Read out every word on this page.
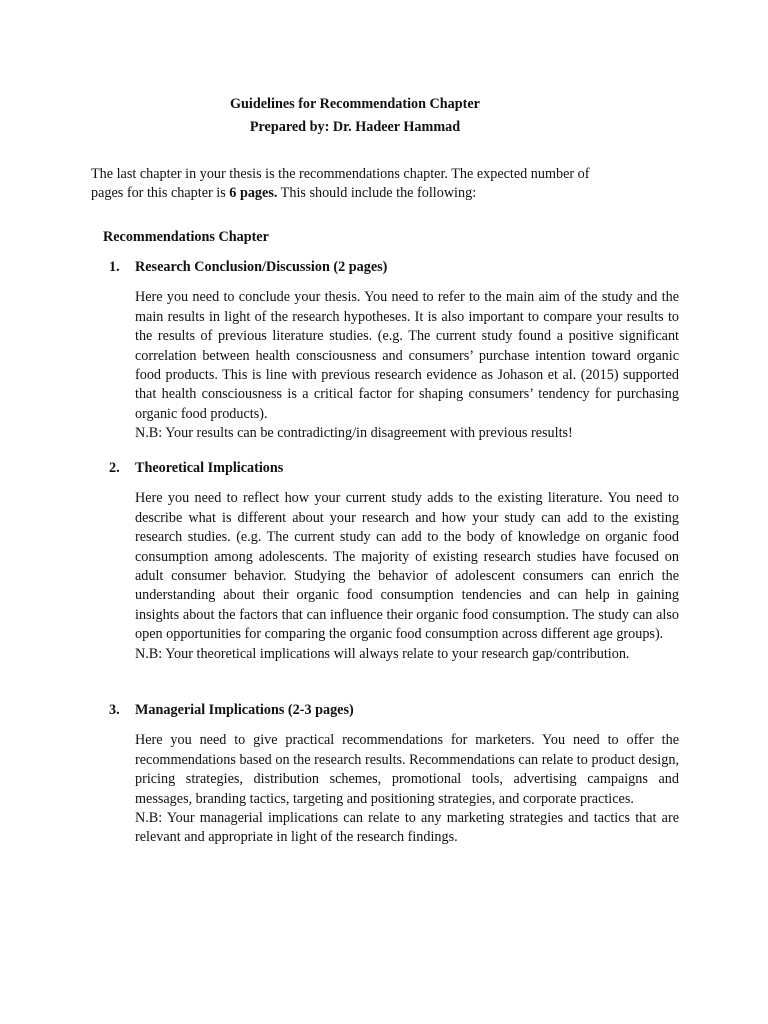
Guidelines for Recommendation Chapter
Prepared by: Dr. Hadeer Hammad

The last chapter in your thesis is the recommendations chapter. The expected number of pages for this chapter is 6 pages. This should include the following:

Recommendations Chapter
1.	Research Conclusion/Discussion (2 pages)

Here you need to conclude your thesis. You need to refer to the main aim of the study and the main results in light of the research hypotheses. It is also important to compare your results to the results of previous literature studies. (e.g. The current study found a positive significant correlation between health consciousness and consumers’ purchase intention toward organic food products. This is line with previous research evidence as Johason et al. (2015) supported that health consciousness is a critical factor for shaping consumers’ tendency for purchasing organic food products).

N.B: Your results can be contradicting/in disagreement with previous results!

2.	Theoretical Implications

Here you need to reflect how your current study adds to the existing literature. You need to describe what is different about your research and how your study can add to the existing research studies. (e.g. The current study can add to the body of knowledge on organic food consumption among adolescents. The majority of existing research studies have focused on adult consumer behavior. Studying the behavior of adolescent consumers can enrich the understanding about their organic food consumption tendencies and can help in gaining insights about the factors that can influence their organic food consumption. The study can also open opportunities for comparing the organic food consumption across different age groups).

N.B: Your theoretical implications will always relate to your research gap/contribution.

3.	Managerial Implications (2-3 pages)

Here you need to give practical recommendations for marketers. You need to offer the recommendations based on the research results. Recommendations can relate to product design, pricing strategies, distribution schemes, promotional tools, advertising campaigns and messages, branding tactics, targeting and positioning strategies, and corporate practices.

N.B: Your managerial implications can relate to any marketing strategies and tactics that are relevant and appropriate in light of the research findings.
